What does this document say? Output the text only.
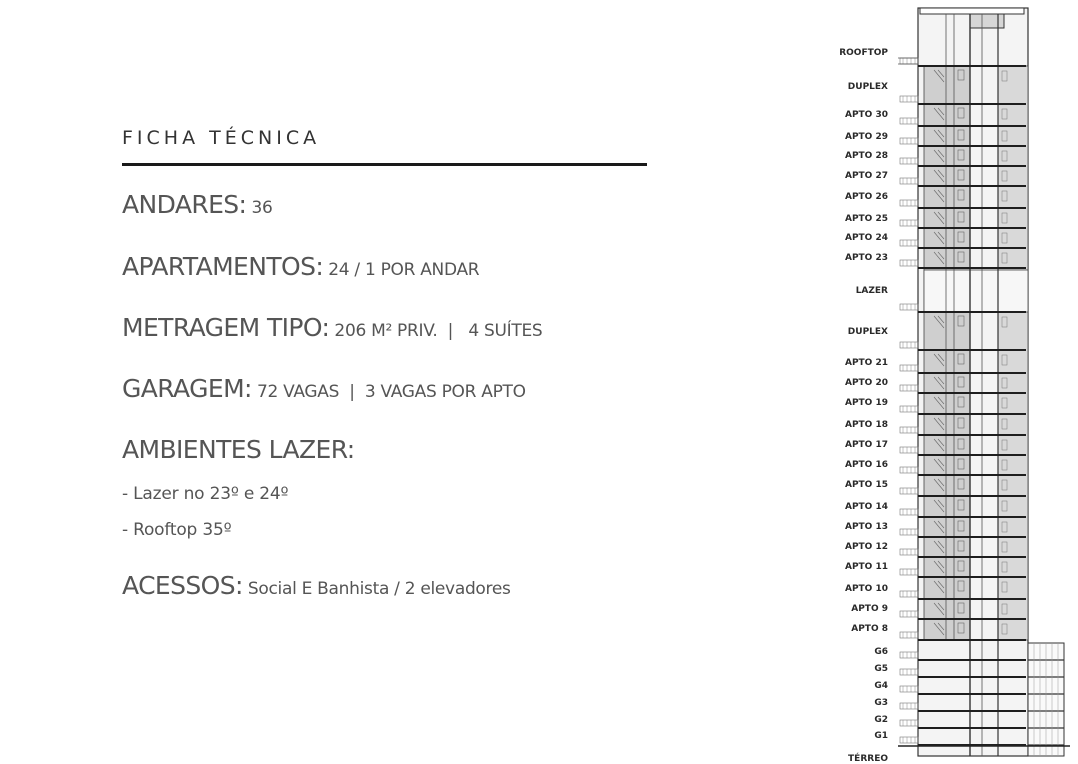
FICHA TÉCNICA
ANDARES: 36
APARTAMENTOS: 24 / 1 POR ANDAR
METRAGEM TIPO: 206 M² PRIV.  |   4 SUÍTES
GARAGEM: 72 VAGAS  |  3 VAGAS POR APTO
AMBIENTES LAZER:
- Lazer no 23º e 24º
- Rooftop 35º
ACESSOS: Social E Banhista / 2 elevadores
ROOFTOP
DUPLEX
APTO 30
APTO 29
APTO 28
APTO 27
APTO 26
APTO 25
APTO 24
APTO 23
LAZER
DUPLEX
APTO 21
APTO 20
APTO 19
APTO 18
APTO 17
APTO 16
APTO 15
APTO 14
APTO 13
APTO 12
APTO 11
APTO 10
APTO 9
APTO 8
G6
G5
G4
G3
G2
G1
TÉRREO
